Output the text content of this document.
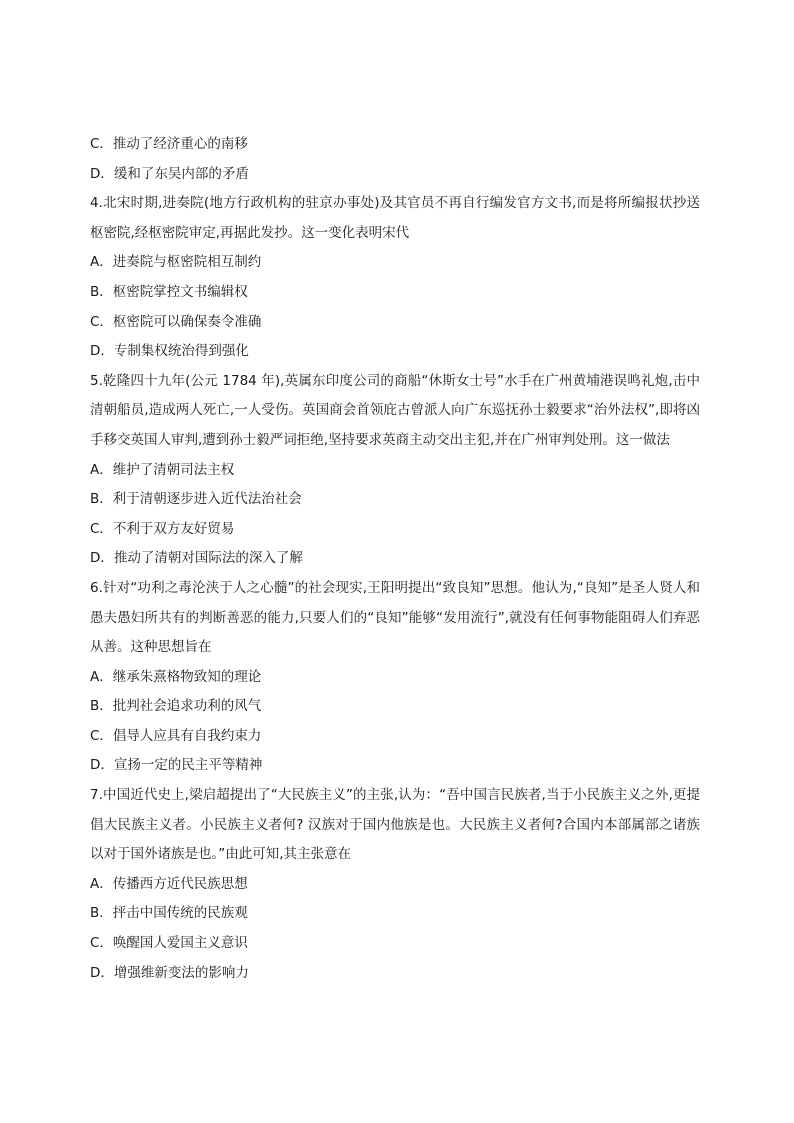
C．推动了经济重心的南移
D．缓和了东吴内部的矛盾
4.北宋时期,进奏院(地方行政机构的驻京办事处)及其官员不再自行编发官方文书,而是将所编报状抄送枢密院,经枢密院审定,再据此发抄。这一变化表明宋代
A．进奏院与枢密院相互制约
B．枢密院掌控文书编辑权
C．枢密院可以确保奏令准确
D．专制集权统治得到强化
5.乾隆四十九年(公元 1784 年),英属东印度公司的商船“休斯女士号”水手在广州黄埔港误鸣礼炮,击中清朝船员,造成两人死亡,一人受伤。英国商会首领庇古曾派人向广东巡抚孙士毅要求“治外法权”,即将凶手移交英国人审判,遭到孙士毅严词拒绝,坚持要求英商主动交出主犯,并在广州审判处刑。这一做法
A．维护了清朝司法主权
B．利于清朝逐步进入近代法治社会
C．不利于双方友好贸易
D．推动了清朝对国际法的深入了解
6.针对“功利之毒沦浃于人之心髓”的社会现实,王阳明提出“致良知”思想。他认为,“良知”是圣人贤人和愚夫愚妇所共有的判断善恶的能力,只要人们的“良知”能够“发用流行”,就没有任何事物能阻碍人们弃恶从善。这种思想旨在
A．继承朱熹格物致知的理论
B．批判社会追求功利的风气
C．倡导人应具有自我约束力
D．宣扬一定的民主平等精神
7.中国近代史上,梁启超提出了“大民族主义”的主张,认为：“吾中国言民族者,当于小民族主义之外,更提倡大民族主义者。小民族主义者何? 汉族对于国内他族是也。大民族主义者何?合国内本部属部之诸族以对于国外诸族是也。”由此可知,其主张意在
A．传播西方近代民族思想
B．抨击中国传统的民族观
C．唤醒国人爱国主义意识
D．增强维新变法的影响力
